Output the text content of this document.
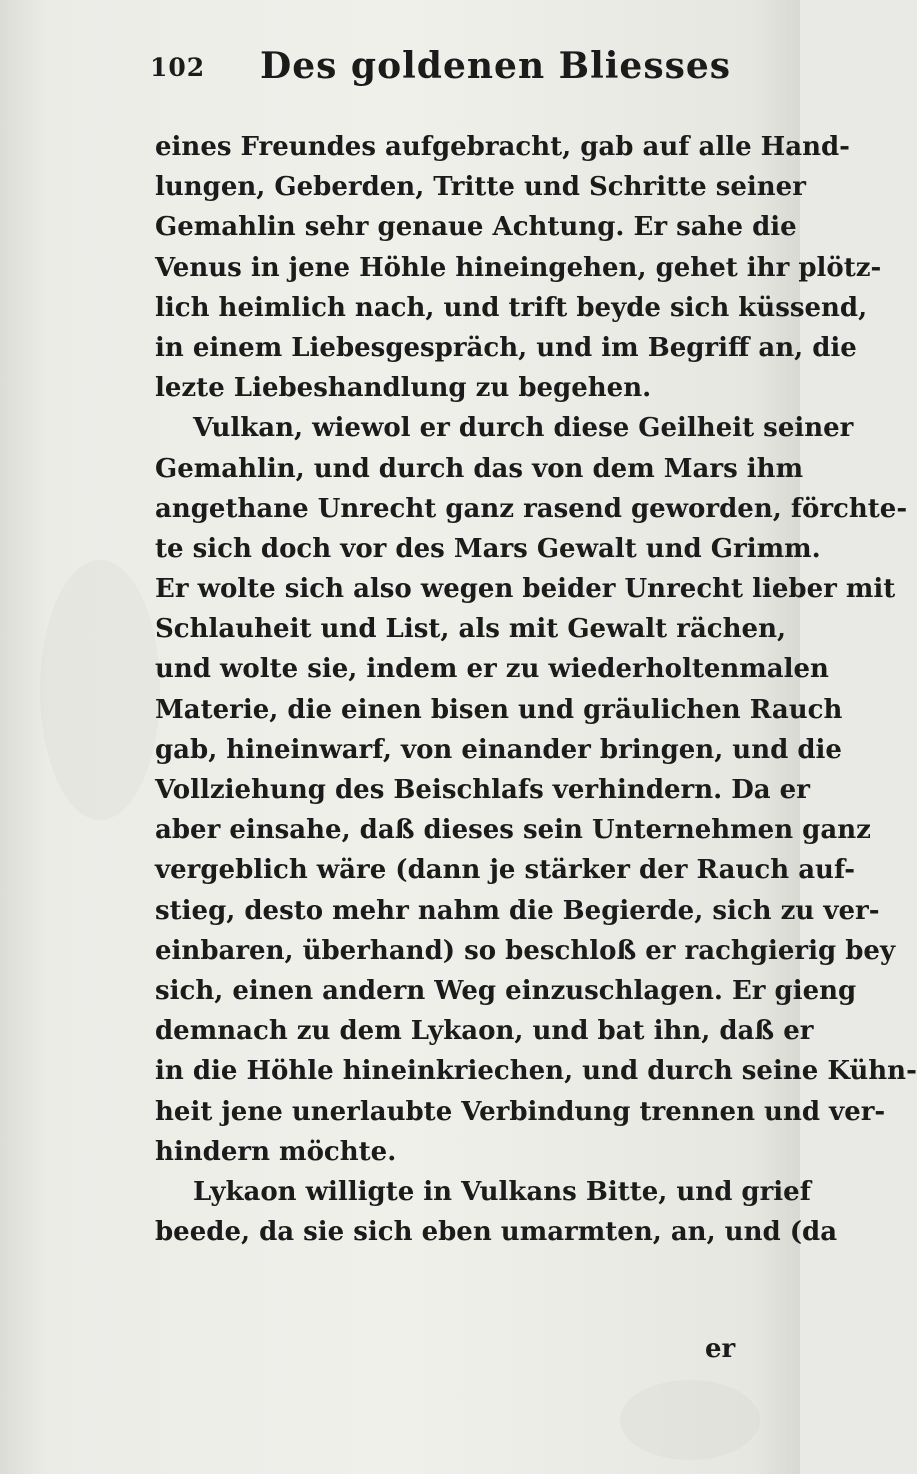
102 Des goldenen Bliesses
eines Freundes aufgebracht, gab auf alle Hand-
lungen, Geberden, Tritte und Schritte seiner
Gemahlin sehr genaue Achtung. Er sahe die
Venus in jene Höhle hineingehen, gehet ihr plötz-
lich heimlich nach, und trift beyde sich küssend,
in einem Liebesgespräch, und im Begriff an, die
lezte Liebeshandlung zu begehen.
Vulkan, wiewol er durch diese Geilheit seiner
Gemahlin, und durch das von dem Mars ihm
angethane Unrecht ganz rasend geworden, förchte-
te sich doch vor des Mars Gewalt und Grimm.
Er wolte sich also wegen beider Unrecht lieber mit
Schlauheit und List, als mit Gewalt rächen,
und wolte sie, indem er zu wiederholtenmalen
Materie, die einen bisen und gräulichen Rauch
gab, hineinwarf, von einander bringen, und die
Vollziehung des Beischlafs verhindern. Da er
aber einsahe, daß dieses sein Unternehmen ganz
vergeblich wäre (dann je stärker der Rauch auf-
stieg, desto mehr nahm die Begierde, sich zu ver-
einbaren, überhand) so beschloß er rachgierig bey
sich, einen andern Weg einzuschlagen. Er gieng
demnach zu dem Lykaon, und bat ihn, daß er
in die Höhle hineinkriechen, und durch seine Kühn-
heit jene unerlaubte Verbindung trennen und ver-
hindern möchte.
Lykaon willigte in Vulkans Bitte, und grief
beede, da sie sich eben umarmten, an, und (da
er
